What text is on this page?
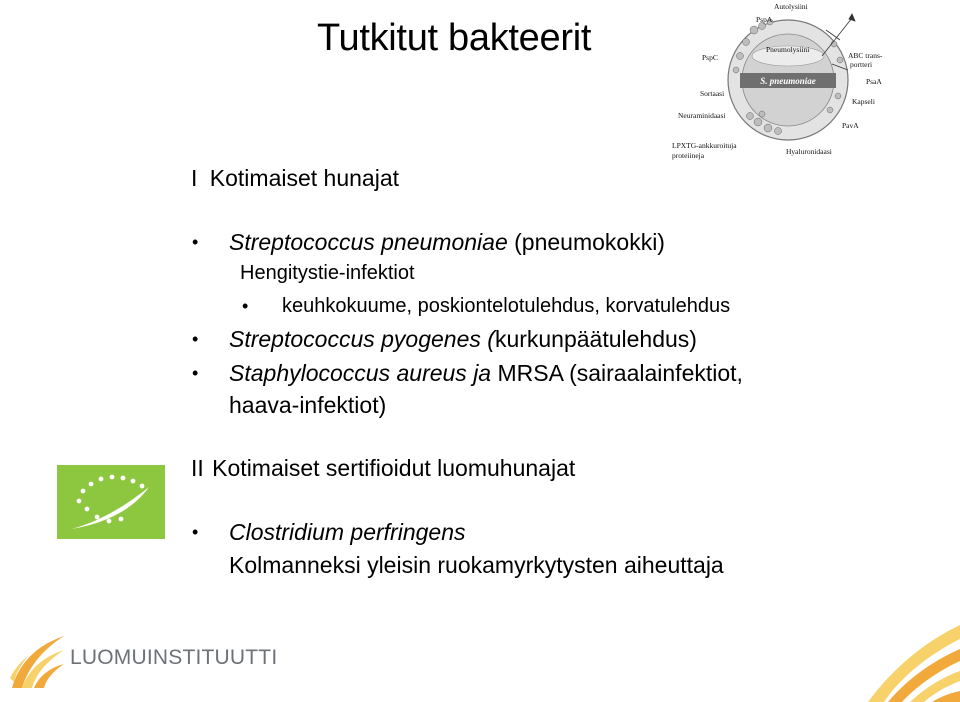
Tutkitut bakteerit
S. pneumoniae
Autolysiini
PspA
Pneumolysiini
PspC
Sortaasi
Neuraminidaasi
LPXTG-ankkuroituja
proteiineja	Hyaluronidaasi
ABC trans-
portteri
PsaA
Kapseli
PavA
I Kotimaiset hunajat
• Streptococcus pneumoniae (pneumokokki)
Hengitystie-infektiot
• keuhkokuume, poskiontelotulehdus, korvatulehdus
• Streptococcus pyogenes (kurkunpäätulehdus)
• Staphylococcus aureus ja MRSA (sairaalainfektiot,
haava-infektiot)
II Kotimaiset sertifioidut luomuhunajat
• Clostridium perfringens
Kolmanneksi yleisin ruokamyrkytysten aiheuttaja
LUOMUINSTITUUTTI
